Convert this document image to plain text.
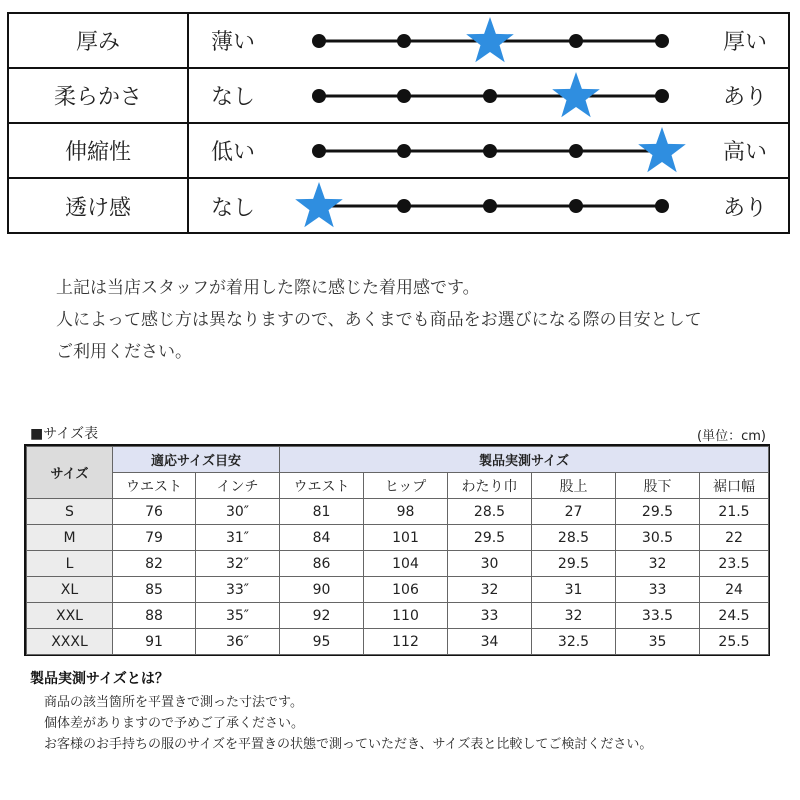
厚み	薄い	厚い
柔らかさ	なし	あり
伸縮性	低い	高い
透け感	なし	あり
上記は当店スタッフが着用した際に感じた着用感です。
人によって感じ方は異なりますので、あくまでも商品をお選びになる際の目安として
ご利用ください。
■サイズ表	(単位：cm)
サイズ	適応サイズ目安		製品実測サイズ					
	ウエスト	インチ	ウエスト	ヒップ	わたり巾	股上	股下	裾口幅
S	76	30″	81	98	28.5	27	29.5	21.5
M	79	31″	84	101	29.5	28.5	30.5	22
L	82	32″	86	104	30	29.5	32	23.5
XL	85	33″	90	106	32	31	33	24
XXL	88	35″	92	110	33	32	33.5	24.5
XXXL	91	36″	95	112	34	32.5	35	25.5
製品実測サイズとは？
商品の該当箇所を平置きで測った寸法です。
個体差がありますので予めご了承ください。
お客様のお手持ちの服のサイズを平置きの状態で測っていただき、サイズ表と比較してご検討ください。
